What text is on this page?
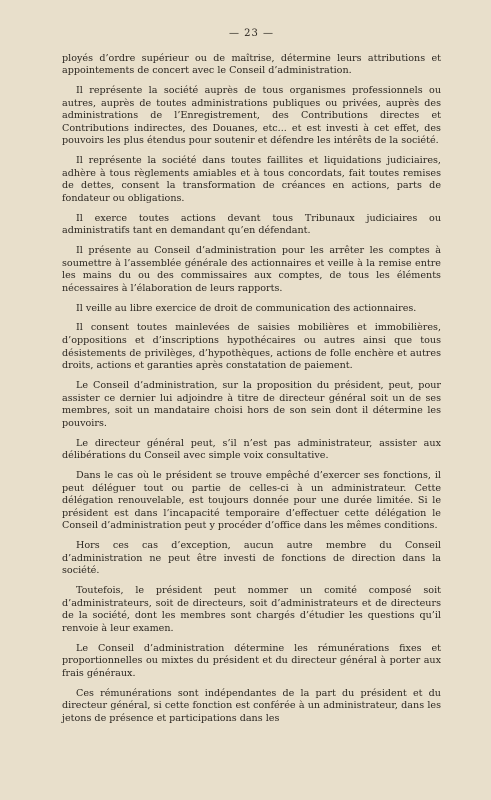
— 23 —

ployés d’ordre supérieur ou de maîtrise, détermine leurs attributions et appointements de concert avec le Conseil d’administration.

Il représente la société auprès de tous organismes professionnels ou autres, auprès de toutes administrations publiques ou privées, auprès des administrations de l’Enregistrement, des Contributions directes et Contributions indirectes, des Douanes, etc... et est investi à cet effet, des pouvoirs les plus étendus pour soutenir et défendre les intérêts de la société.

Il représente la société dans toutes faillites et liquidations judiciaires, adhère à tous règlements amiables et à tous concordats, fait toutes remises de dettes, consent la transformation de créances en actions, parts de fondateur ou obligations.

Il exerce toutes actions devant tous Tribunaux judiciaires ou administratifs tant en demandant qu’en défendant.

Il présente au Conseil d’administration pour les arrêter les comptes à soumettre à l’assemblée générale des actionnaires et veille à la remise entre les mains du ou des commissaires aux comptes, de tous les éléments nécessaires à l’élaboration de leurs rapports.

Il veille au libre exercice de droit de communication des actionnaires.

Il consent toutes mainlevées de saisies mobilières et immobilières, d’oppositions et d’inscriptions hypothécaires ou autres ainsi que tous désistements de privilèges, d’hypothèques, actions de folle enchère et autres droits, actions et garanties après constatation de paiement.

Le Conseil d’administration, sur la proposition du président, peut, pour assister ce dernier lui adjoindre à titre de directeur général soit un de ses membres, soit un mandataire choisi hors de son sein dont il détermine les pouvoirs.

Le directeur général peut, s’il n’est pas administrateur, assister aux délibérations du Conseil avec simple voix consultative.

Dans le cas où le président se trouve empêché d’exercer ses fonctions, il peut déléguer tout ou partie de celles-ci à un administrateur. Cette délégation renouvelable, est toujours donnée pour une durée limitée. Si le président est dans l’incapacité temporaire d’effectuer cette délégation le Conseil d’administration peut y procéder d’office dans les mêmes conditions.

Hors ces cas d’exception, aucun autre membre du Conseil d’administration ne peut être investi de fonctions de direction dans la société.

Toutefois, le président peut nommer un comité composé soit d’administrateurs, soit de directeurs, soit d’administrateurs et de directeurs de la société, dont les membres sont chargés d’étudier les questions qu’il renvoie à leur examen.

Le Conseil d’administration détermine les rémunérations fixes et proportionnelles ou mixtes du président et du directeur général à porter aux frais généraux.

Ces rémunérations sont indépendantes de la part du président et du directeur général, si cette fonction est conférée à un administrateur, dans les jetons de présence et participations dans les
